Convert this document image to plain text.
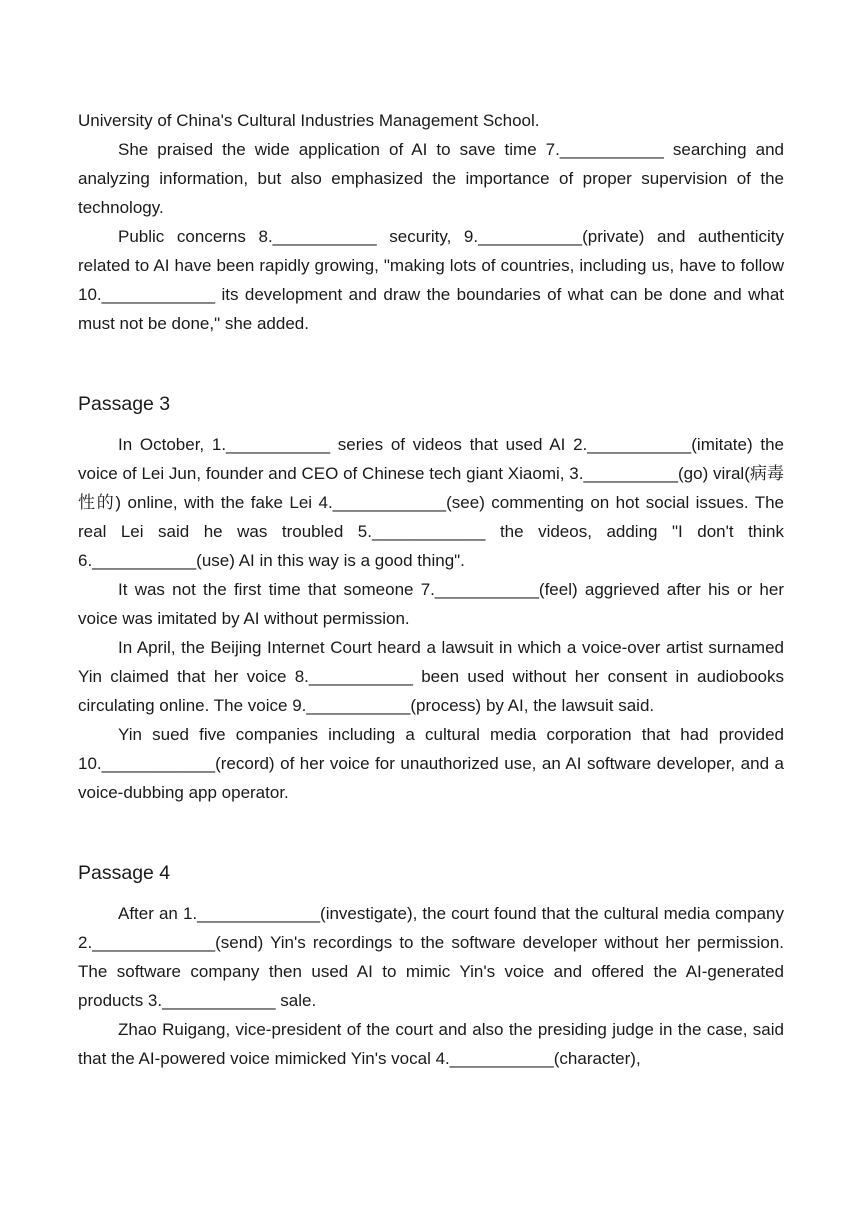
University of China's Cultural Industries Management School.

She praised the wide application of AI to save time 7.___________ searching and analyzing information, but also emphasized the importance of proper supervision of the technology.

Public concerns 8.___________ security, 9.___________(private) and authenticity related to AI have been rapidly growing, "making lots of countries, including us, have to follow 10.____________ its development and draw the boundaries of what can be done and what must not be done," she added.

Passage 3

In October, 1.___________ series of videos that used AI 2.___________(imitate) the voice of Lei Jun, founder and CEO of Chinese tech giant Xiaomi, 3.__________(go) viral(病毒性的) online, with the fake Lei 4.____________(see) commenting on hot social issues. The real Lei said he was troubled 5.____________ the videos, adding "I don't think 6.___________(use) AI in this way is a good thing".

It was not the first time that someone 7.___________(feel) aggrieved after his or her voice was imitated by AI without permission.

In April, the Beijing Internet Court heard a lawsuit in which a voice-over artist surnamed Yin claimed that her voice 8.___________ been used without her consent in audiobooks circulating online. The voice 9.___________(process) by AI, the lawsuit said.

Yin sued five companies including a cultural media corporation that had provided 10.____________(record) of her voice for unauthorized use, an AI software developer, and a voice-dubbing app operator.

Passage 4

After an 1._____________(investigate), the court found that the cultural media company 2._____________(send) Yin's recordings to the software developer without her permission. The software company then used AI to mimic Yin's voice and offered the AI-generated products 3.____________ sale.

Zhao Ruigang, vice-president of the court and also the presiding judge in the case, said that the AI-powered voice mimicked Yin's vocal 4.___________(character),
